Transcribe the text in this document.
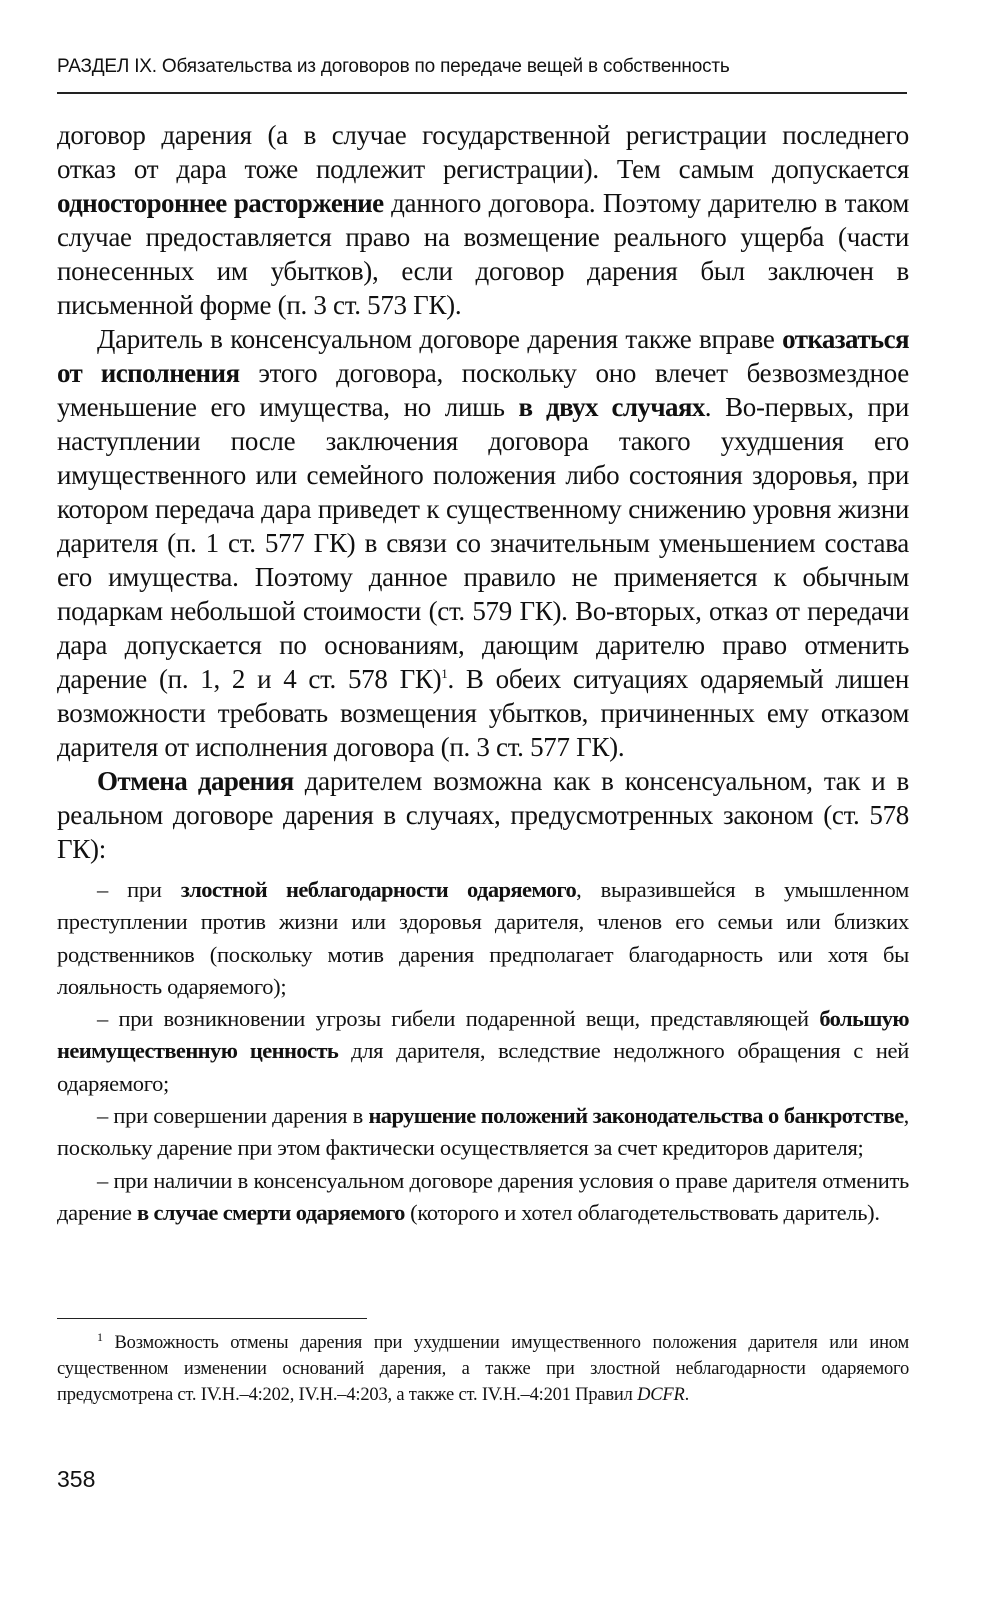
РАЗДЕЛ IX. Обязательства из договоров по передаче вещей в собственность

договор дарения (а в случае государственной регистрации последнего отказ от дара тоже подлежит регистрации). Тем самым допускается одностороннее расторжение данного договора. Поэтому дарителю в таком случае предоставляется право на возмещение реального ущерба (части понесенных им убытков), если договор дарения был заключен в письменной форме (п. 3 ст. 573 ГК).

Даритель в консенсуальном договоре дарения также вправе отказаться от исполнения этого договора, поскольку оно влечет безвозмездное уменьшение его имущества, но лишь в двух случаях. Во-первых, при наступлении после заключения договора такого ухудшения его имущественного или семейного положения либо состояния здоровья, при котором передача дара приведет к существенному снижению уровня жизни дарителя (п. 1 ст. 577 ГК) в связи со значительным уменьшением состава его имущества. Поэтому данное правило не применяется к обычным подаркам небольшой стоимости (ст. 579 ГК). Во-вторых, отказ от передачи дара допускается по основаниям, дающим дарителю право отменить дарение (п. 1, 2 и 4 ст. 578 ГК)$^1$. В обеих ситуациях одаряемый лишен возможности требовать возмещения убытков, причиненных ему отказом дарителя от исполнения договора (п. 3 ст. 577 ГК).

Отмена дарения дарителем возможна как в консенсуальном, так и в реальном договоре дарения в случаях, предусмотренных законом (ст. 578 ГК):

– при злостной неблагодарности одаряемого, выразившейся в умышленном преступлении против жизни или здоровья дарителя, членов его семьи или близких родственников (поскольку мотив дарения предполагает благодарность или хотя бы лояльность одаряемого);

– при возникновении угрозы гибели подаренной вещи, представляющей большую неимущественную ценность для дарителя, вследствие недолжного обращения с ней одаряемого;

– при совершении дарения в нарушение положений законодательства о банкротстве, поскольку дарение при этом фактически осуществляется за счет кредиторов дарителя;

– при наличии в консенсуальном договоре дарения условия о праве дарителя отменить дарение в случае смерти одаряемого (которого и хотел облагодетельствовать даритель).

$^1$ Возможность отмены дарения при ухудшении имущественного положения дарителя или ином существенном изменении оснований дарения, а также при злостной неблагодарности одаряемого предусмотрена ст. IV.H.–4:202, IV.H.–4:203, а также ст. IV.H.–4:201 Правил DCFR.

358
